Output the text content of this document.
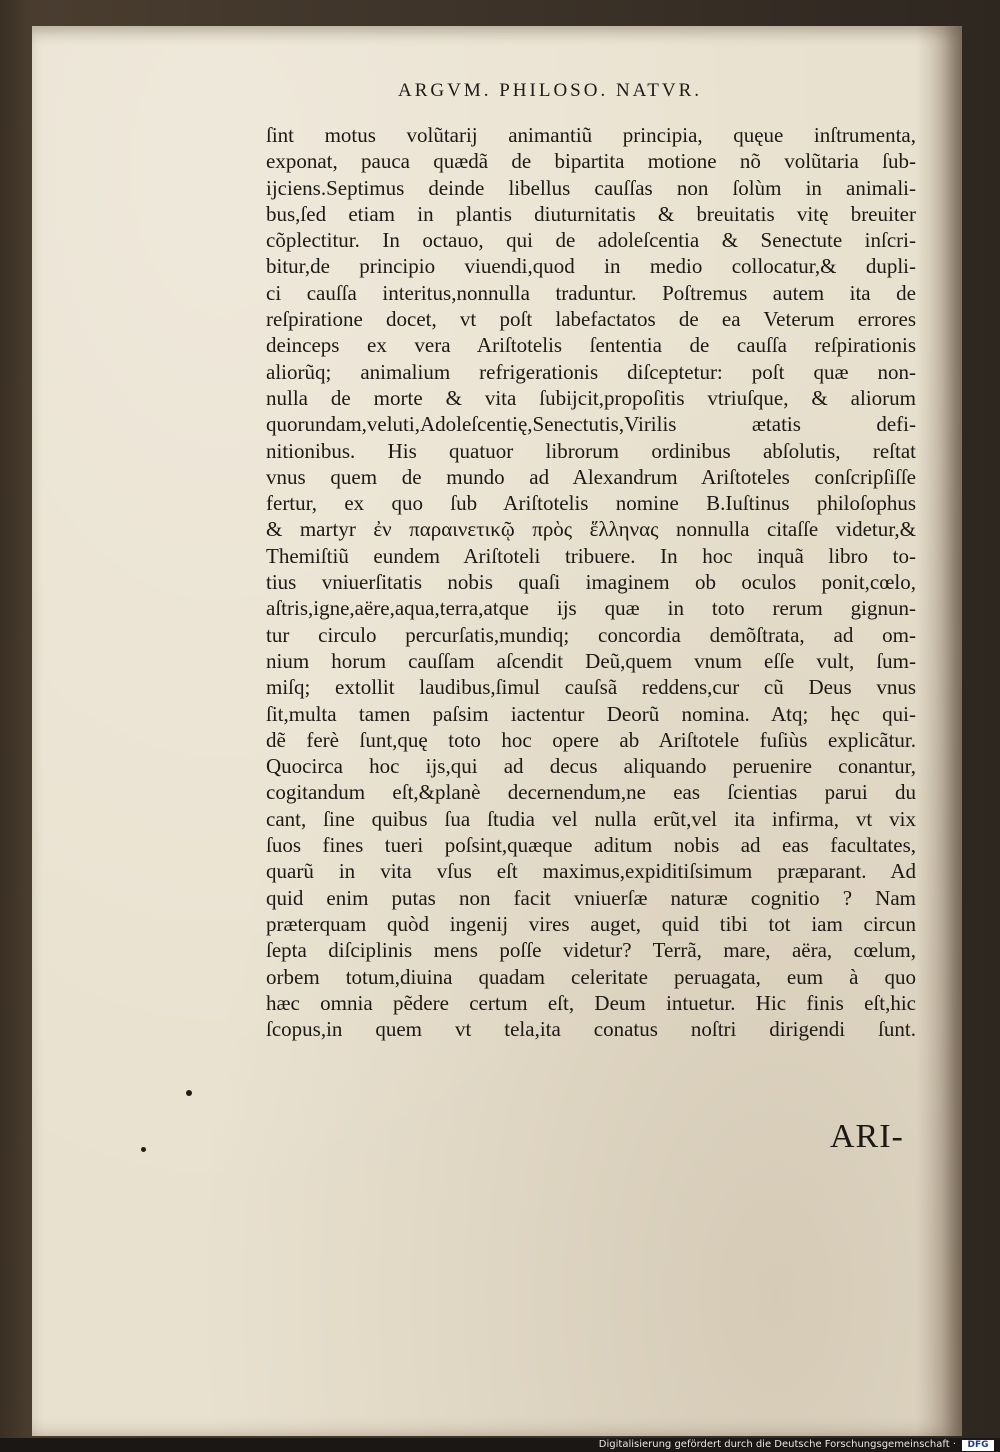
ARGVM. PHILOSO. NATVR.
ſint motus volũtarij animantiũ principia, quęue inſtrumenta,
exponat, pauca quædã de bipartita motione nõ volũtaria ſub-
ijciens.Septimus deinde libellus cauſſas non ſolùm in animali-
bus,ſed etiam in plantis diuturnitatis & breuitatis vitę breuiter
cõplectitur. In octauo, qui de adoleſcentia & Senectute inſcri-
bitur,de principio viuendi,quod in medio collocatur,& dupli-
ci cauſſa interitus,nonnulla traduntur. Poſtremus autem ita de
reſpiratione docet, vt poſt labefactatos de ea Veterum errores
deinceps ex vera Ariſtotelis ſententia de cauſſa reſpirationis
aliorũq; animalium refrigerationis diſceptetur: poſt quæ non-
nulla de morte & vita ſubijcit,propoſitis vtriuſque, & aliorum
quorundam,veluti,Adoleſcentię,Senectutis,Virilis ætatis defi-
nitionibus. His quatuor librorum ordinibus abſolutis, reſtat
vnus quem de mundo ad Alexandrum Ariſtoteles conſcripſiſſe
fertur, ex quo ſub Ariſtotelis nomine B.Iuſtinus philoſophus
& martyr ἐν παραινετικῷ πρὸς ἕλληνας nonnulla citaſſe videtur,&
Themiſtiũ eundem Ariſtoteli tribuere. In hoc inquã libro to-
tius vniuerſitatis nobis quaſi imaginem ob oculos ponit,cœlo,
aſtris,igne,aëre,aqua,terra,atque ijs quæ in toto rerum gignun-
tur circulo percurſatis,mundiq; concordia demõſtrata, ad om-
nium horum cauſſam aſcendit Deũ,quem vnum eſſe vult, ſum-
miſq; extollit laudibus,ſimul cauſsã reddens,cur cũ Deus vnus
ſit,multa tamen paſsim iactentur Deorũ nomina. Atq; hęc qui-
dẽ ferè ſunt,quę toto hoc opere ab Ariſtotele fuſiùs explicãtur.
Quocirca hoc ijs,qui ad decus aliquando peruenire conantur,
cogitandum eſt,&planè decernendum,ne eas ſcientias parui du
cant, ſine quibus ſua ſtudia vel nulla erũt,vel ita infirma, vt vix
ſuos fines tueri poſsint,quæque aditum nobis ad eas facultates,
quarũ in vita vſus eſt maximus,expiditiſsimum præparant. Ad
quid enim putas non facit vniuerſæ naturæ cognitio ? Nam
præterquam quòd ingenij vires auget, quid tibi tot iam circun
ſepta diſciplinis mens poſſe videtur? Terrã, mare, aëra, cœlum,
orbem totum,diuina quadam celeritate peruagata, eum à quo
hæc omnia pẽdere certum eſt, Deum intuetur. Hic finis eſt,hic
ſcopus,in quem vt tela,ita conatus noſtri dirigendi ſunt.
ARI-
Digitalisierung gefördert durch die Deutsche Forschungsgemeinschaft ·	DFG
